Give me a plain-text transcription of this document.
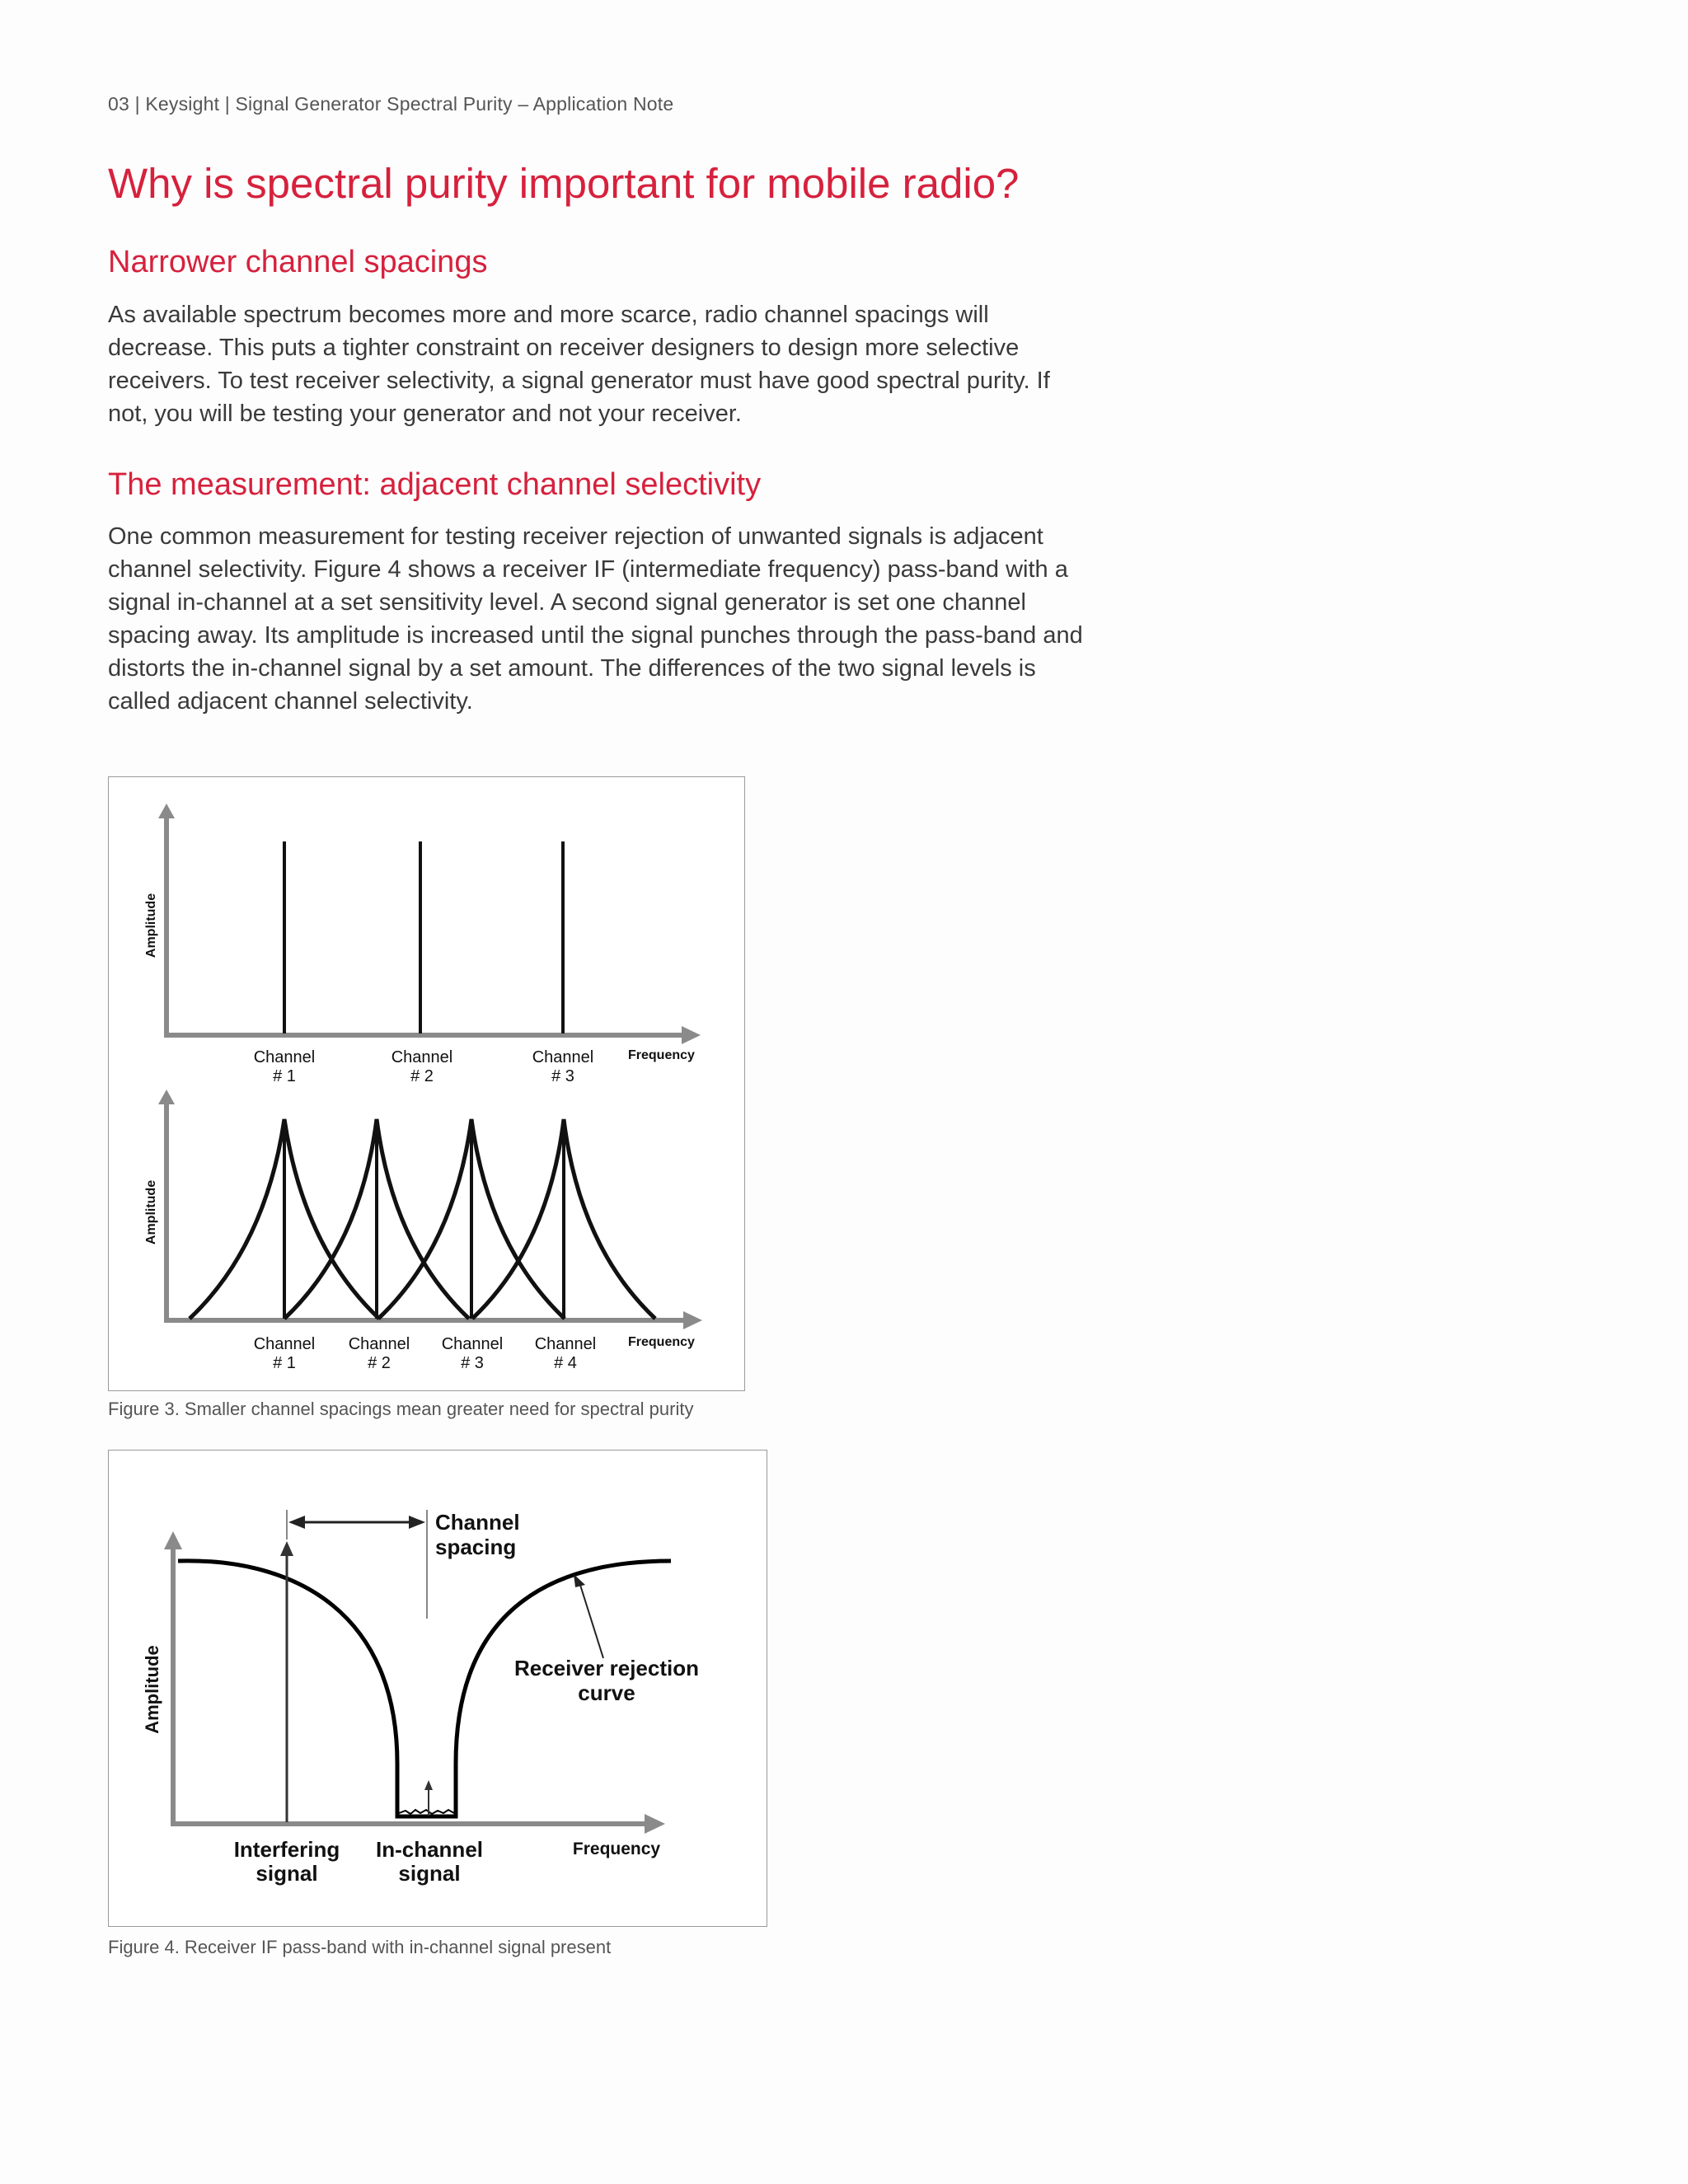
03 | Keysight | Signal Generator Spectral Purity – Application Note
Why is spectral purity important for mobile radio?
Narrower channel spacings

As available spectrum becomes more and more scarce, radio channel spacings will decrease. This puts a tighter constraint on receiver designers to design more selective receivers. To test receiver selectivity, a signal generator must have good spectral purity. If not, you will be testing your generator and not your receiver.

The measurement: adjacent channel selectivity

One common measurement for testing receiver rejection of unwanted signals is adjacent channel selectivity. Figure 4 shows a receiver IF (intermediate frequency) pass-band with a signal in-channel at a set sensitivity level. A second signal generator is set one channel spacing away. Its amplitude is increased until the signal punches through the pass-band and distorts the in-channel signal by a set amount. The differences of the two signal levels is called adjacent channel selectivity.

Amplitude
Frequency
Channel
# 1
Channel
# 2
Channel
# 3
Amplitude
Frequency
Channel
# 1
Channel
# 2
Channel
# 3
Channel
# 4
Figure 3. Smaller channel spacings mean greater need for spectral purity
Channel
spacing
Receiver rejection
curve
Amplitude
Interfering
signal
In-channel
signal
Frequency
Figure 4. Receiver IF pass-band with in-channel signal present
